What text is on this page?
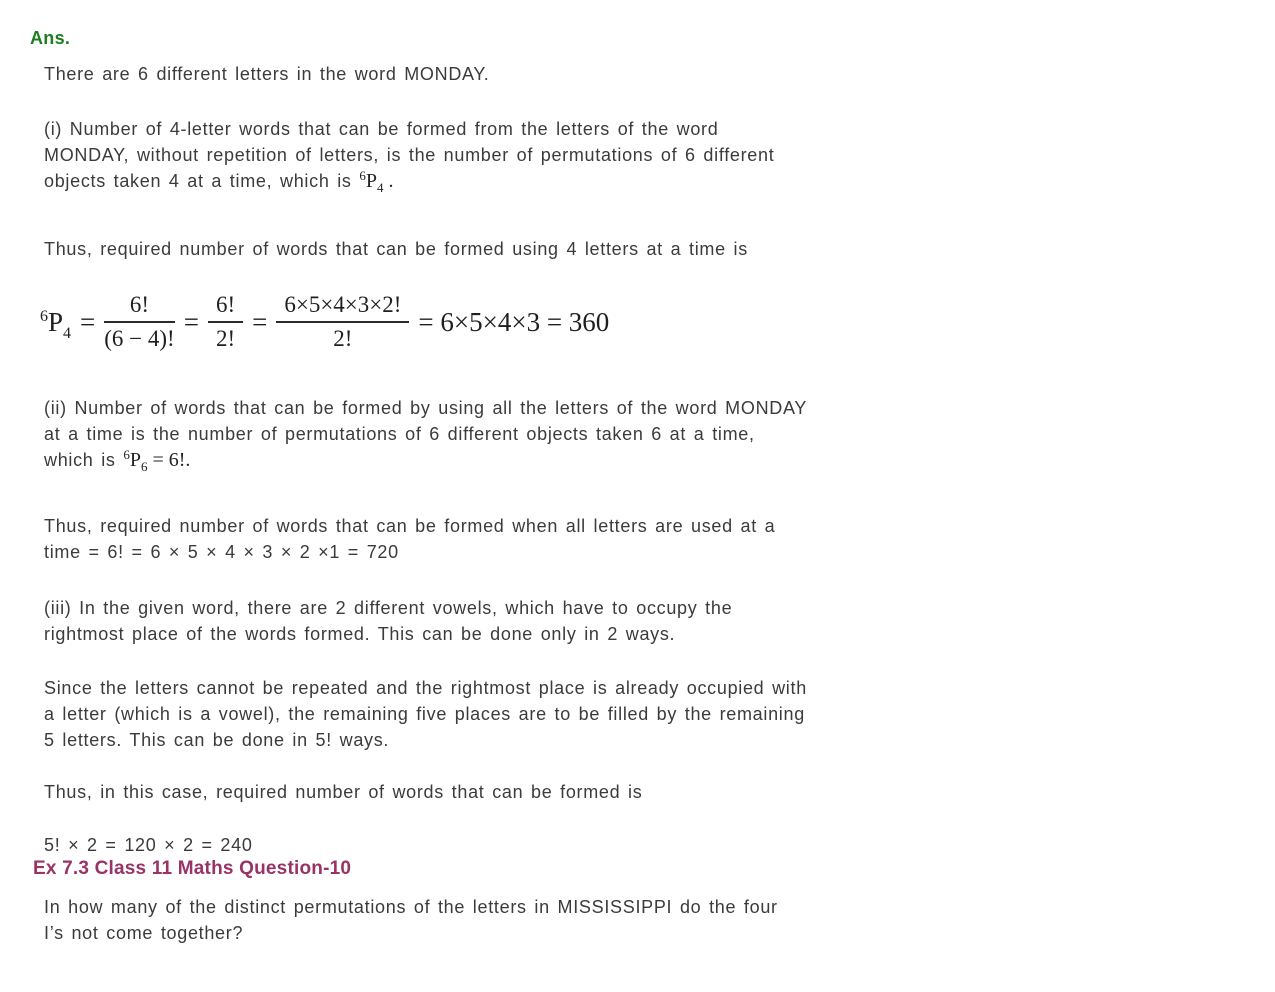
Ans.

There are 6 different letters in the word MONDAY.

(i) Number of 4-letter words that can be formed from the letters of the word
MONDAY, without repetition of letters, is the number of permutations of 6 different
objects taken 4 at a time, which is $^6P_4$ .

Thus, required number of words that can be formed using 4 letters at a time is

$^6P_4 = \frac{6!}{(6 - 4)!} = \frac{6!}{2!} = \frac{6\times 5\times 4\times 3\times 2!}{2!} = 6\times 5\times 4\times 3 = 360$

(ii) Number of words that can be formed by using all the letters of the word MONDAY
at a time is the number of permutations of 6 different objects taken 6 at a time,
which is $^6P_6 = 6$!.

Thus, required number of words that can be formed when all letters are used at a
time = 6! = 6 × 5 × 4 × 3 × 2 ×1 = 720

(iii) In the given word, there are 2 different vowels, which have to occupy the
rightmost place of the words formed. This can be done only in 2 ways.

Since the letters cannot be repeated and the rightmost place is already occupied with
a letter (which is a vowel), the remaining five places are to be filled by the remaining
5 letters. This can be done in 5! ways.

Thus, in this case, required number of words that can be formed is

5! × 2 = 120 × 2 = 240

Ex 7.3 Class 11 Maths Question-10

In how many of the distinct permutations of the letters in MISSISSIPPI do the four
I’s not come together?
